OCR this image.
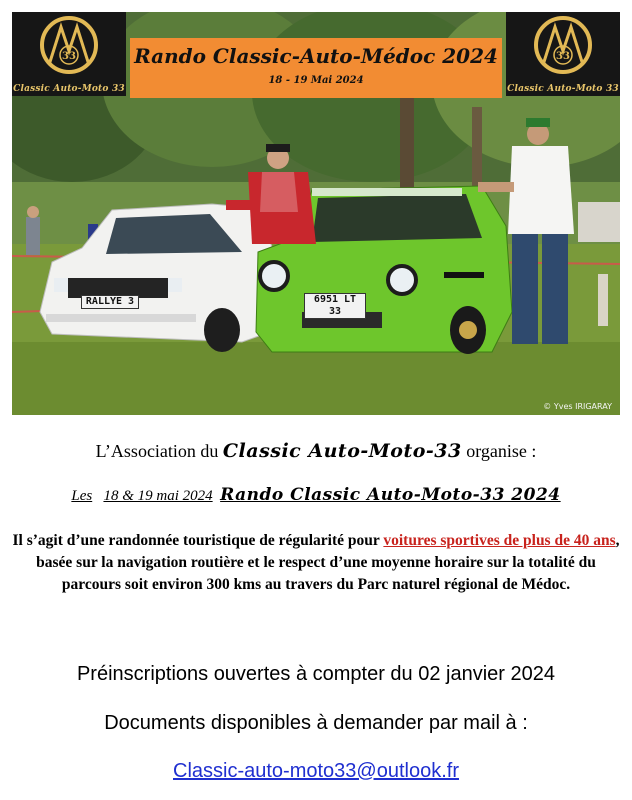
33
Classic Auto-Moto 33
Rando Classic-Auto-Médoc 2024
18 - 19 Mai 2024
33
Classic Auto-Moto 33
RALLYE 3	6951 LT 33
© Yves IRIGARAY
L’Association du Classic Auto-Moto-33 organise :
Les 18 & 19 mai 2024 Rando Classic Auto-Moto-33 2024
Il s’agit d’une randonnée touristique de régularité pour voitures sportives de plus de 40 ans, basée sur la navigation routière et le respect d’une moyenne horaire sur la totalité du parcours soit environ 300 kms au travers du Parc naturel régional de Médoc.
Préinscriptions ouvertes à compter du 02 janvier 2024
Documents disponibles à demander par mail à :
Classic-auto-moto33@outlook.fr
